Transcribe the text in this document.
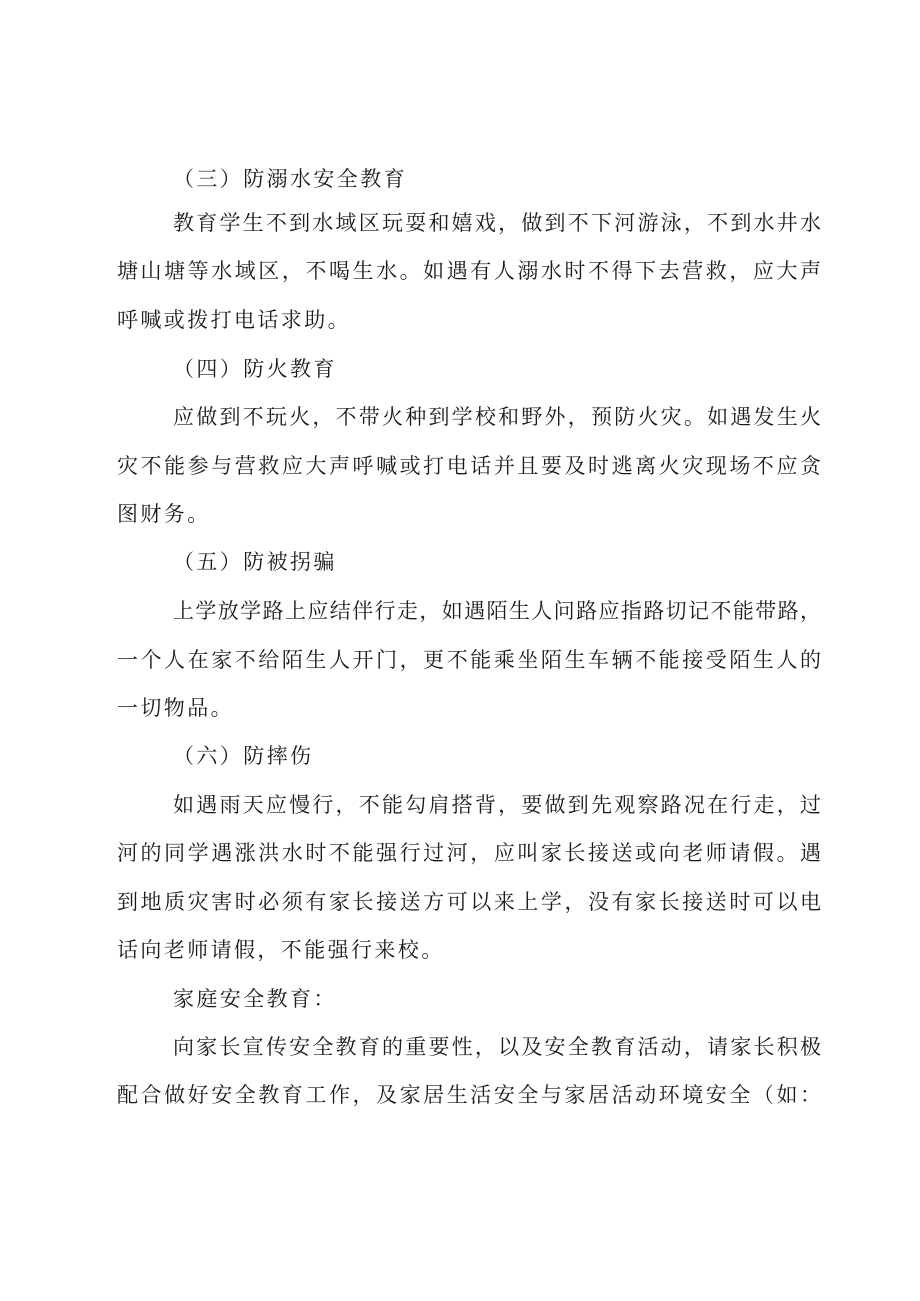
（三）防溺水安全教育
教育学生不到水域区玩耍和嬉戏，做到不下河游泳，不到水井水
塘山塘等水域区，不喝生水。如遇有人溺水时不得下去营救，应大声
呼喊或拨打电话求助。
（四）防火教育
应做到不玩火，不带火种到学校和野外，预防火灾。如遇发生火
灾不能参与营救应大声呼喊或打电话并且要及时逃离火灾现场不应贪
图财务。
（五）防被拐骗
上学放学路上应结伴行走，如遇陌生人问路应指路切记不能带路，
一个人在家不给陌生人开门，更不能乘坐陌生车辆不能接受陌生人的
一切物品。
（六）防摔伤
如遇雨天应慢行，不能勾肩搭背，要做到先观察路况在行走，过
河的同学遇涨洪水时不能强行过河，应叫家长接送或向老师请假。遇
到地质灾害时必须有家长接送方可以来上学，没有家长接送时可以电
话向老师请假，不能强行来校。
家庭安全教育：
向家长宣传安全教育的重要性，以及安全教育活动，请家长积极
配合做好安全教育工作，及家居生活安全与家居活动环境安全（如：
